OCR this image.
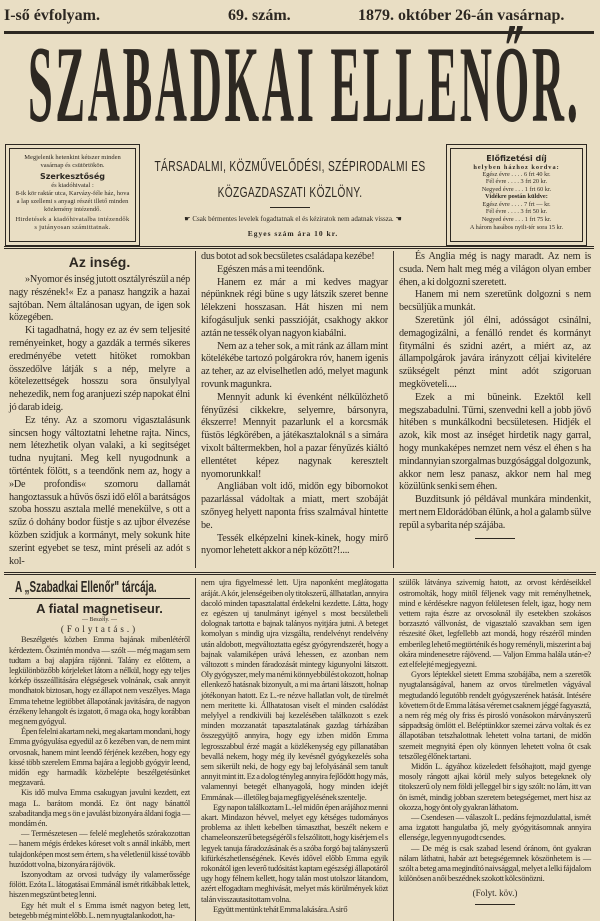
I-ső évfolyam.	69. szám.	1879. október 26-án vasárnap.
SZABADKAI ELLENŐR.
Megjelenik hetenkint kétszer minden vasárnap és csütörtökön.
Szerkesztőség
és kiadóhivatal :
8-ik kör raktár utca, Karvázy-féle ház, hova a lap szellemi s anyagi részét illető minden közlemény intézendő.
Hirdetések a kiadóhivatalba intézendők s jutányosan számittatnak.
TÁRSADALMI, KÖZMŰVELŐDÉSI, SZÉPIRODALMI ES
KÖZGAZDASZATI KÖZLÖNY.
☛ Csak bérmentes levelek fogadtatnak el és kéziratok nem adatnak vissza. ☚
Egyes szám ára 10 kr.
Előfizetési díj
helyben házhoz kordva:
Egész évre . . . . 6 frt 40 kr.
Fél évre . . . . 3 frt 20 kr.
Negyed évre . . . 1 frt 60 kr.
Vidékre postán küldve:
Egész évre . . . . 7 frt — kr.
Fél évre . . . . 3 frt 50 kr.
Negyed évre . . . 1 frt 75 kr.
A három hasábos nyilt-tér sora 15 kr.
Az inség.

»Nyomor és inség jutott osztályrészül a nép nagy részének!« Ez a panasz hangzik a hazai sajtóban. Nem általánosan ugyan, de igen sok közegében.

Ki tagadhatná, hogy ez az év sem teljesité reményeinket, hogy a gazdák a termés sikeres eredményébe vetett hitöket romokban összedőlve látják s a nép, melyre a kötelezettségek hosszu sora önsulylyal nehezedik, nem fog aranjuezi szép napokat élni jó darab ideig.

Ez tény. Az a szomoru vigasztalásunk sincsen hogy változtatni lehetne rajta. Nincs, nem létezhetik olyan valaki, a ki segitséget tudna nyujtani. Meg kell nyugodnunk a történtek fölött, s a teendőnk nem az, hogy a »De profondis« szomoru dallamát hangoztassuk a hűvös őszi idő elől a barátságos szoba hosszu asztala mellé menekülve, s ott a szűz ó dohány bodor füstje s az ujbor élvezése közben szidjuk a kormányt, mely sokunk hite szerint egyebet se tesz, mint préseli az adót s kol-

dus botot ad sok becsületes családapa kezébe!

Egészen más a mi teendőnk.

Hanem ez már a mi kedves magyar népünknek régi büne s ugy látszik szeret benne lélekzeni hosszasan. Hát hiszen mi nem kifogásuljuk senki passzióját, csakhogy akkor aztán ne tessék olyan nagyon kiabálni.

Nem az a teher sok, a mit ránk az állam mint kötelékébe tartozó polgárokra róv, hanem igenis az teher, az az elviselhetlen adó, melyet magunk rovunk magunkra.

Mennyit adunk ki évenként nélkülözhető fényűzési cikkekre, selyemre, bársonyra, ékszerre! Mennyit pazarlunk el a korcsmák füstös légkörében, a játékasztaloknál s a simára vixolt báltermekben, hol a pazar fényűzés kiáltó ellentétet képez nagynak keresztelt nyomorunkkal!

Angliában volt idő, midőn egy bibornokot pazarlással vádoltak a miatt, mert szobáját szőnyeg helyett naponta friss szalmával hintette be.

Tessék elképzelni kinek-kinek, hogy mirő nyomor lehetett akkor a nép között?!....

És Anglia még is nagy maradt. Az nem is csuda. Nem halt meg még a világon olyan ember éhen, a ki dolgozni szeretett.

Hanem mi nem szeretünk dolgozni s nem becsüljük a munkát.

Szeretünk jól élni, adósságot csinálni, demagogizálni, a fenálló rendet és kormányt fitymálni és szidni azért, a miért az, az állampolgárok javára irányzott céljai kivitelére szükségelt pénzt mint adót szigoruan megköveteli....

Ezek a mi büneink. Ezektől kell megszabadulni. Tűrni, szenvedni kell a jobb jövő hitében s munkálkodni becsületesen. Hidjék el azok, kik most az inséget hirdetik nagy garral, hogy munkaképes nemzet nem vész el éhen s ha mindannyian szorgalmas buzgósággal dolgozunk, akkor nem lesz panasz, akkor nem hal meg közülünk senki sem éhen.

Buzditsunk jó példával munkára mindenkit, mert nem Eldorádóban élünk, a hol a galamb sülve repül a sybarita nép szájába.

A „Szabadkai Ellenőr" tárcája.
A fiatal magnetiseur.
— Beszély. —
(Folytatás.)

Beszélgetés közben Emma bajának mibenlétéről kérdeztem. Őszintén mondva — szólt — még magam sem tudtam a baj alapjára rájönni. Talány ez előttem, a legkülönbözőbb kórjeleket látom a nélkül, hogy egy teljes kórkép összeállitására elégségesek volnának, csak annyit mondhatok biztosan, hogy ez állapot nem veszélyes. Maga Emma tehetne legtöbbet állapotának javitására, de nagyon érzékeny lehangolt és izgatott, ő maga oka, hogy korábban meg nem gyógyul.

Épen felelni akartam neki, meg akartam mondani, hogy Emma gyógyulása egyedül az ő kezében van, de nem mint orvosnak, hanem mint leendő férjének kezében, hogy egy kissé több szerelem Emma bajára a legjobb gyógyir leend, midőn egy harmadik közbelépte beszélgetésünket megzavará.

Kis idő mulva Emma csakugyan javulni kezdett, ezt maga L. barátom mondá. Ez önt nagy bánattól szabaditandja meg s ön e javulást bizonyára áldani fogja — mondám én.

— Természetesen — felelé meglehetős szórakozottan — hanem mégis érdekes kóreset volt s annál inkább, mert tulajdonképen most sem értem, s ha véletlenül kissé tovább huzódott volna, bizonyára rájövök.

Iszonyodtam az orvosi tudvágy ily valamerőssége fölött. Ezóta L. látogatásai Emmánál ismét ritkábbak lettek, hiszen megszünt beteg lenni.

Egy hét mult el s Emma ismét nagyon beteg lett, betegebb még mint előbb. L. nem nyugtalankodott, ha-

nem ujra figyelmessé lett. Ujra naponként meglátogatta aráját. A kór, jelenségeiben oly titokszerű, állhatatlan, annyira dacoló minden tapasztalattal érdekelni kezdette. Látta, hogy ez egészen uj tanulmányt igényel s most becsületbeli dolognak tartotta e bajnak talányos nyitjára jutni. A beteget komolyan s mindig ujra vizsgálta, rendelvényt rendelvény után aldobott, megváltoztatta egész gyógyrendszerét, hogy a bajnak valamiképen urává lehessen, ez azonban nem változott s minden fáradozását mintegy kigunyolni látszott. Oly gyógyszer, mely ma némi könnyebbülést okozott, holnap ellenkező hatásnak bizonyult, a mi ma ártani látszott, holnap jótékonyan hatott. Ez L.-re nézve hallatlan volt, de türelmét nem meritette ki. Állhatatosan viselt el minden csalódást melylyel a rendkivüli baj kezelésében találkozott s ezek minden mozzanatát tapasztalatának gazdag tárházában összegyüjtő annyira, hogy egy izben midőn Emma legrosszabbul érzé magát a közlékenység egy pillanatában bevallá nekem, hogy még ily kevésnél gyógykezelés soha sem sikerült neki, de hogy egy baj lefolyásánál sem tanult annyit mint itt. Ez a dolog tényleg annyira fejlődött hogy más, valamennyi betegét elhanyagolá, hogy minden idejét Emmának — illetőleg baja megfigyelésének szentelje.

Egy napon találkoztam L.-lel midőn épen arájához menni akart. Mindazon hévvel, melyet egy kétséges tudományos problema az ihlett kebelben támaszthat, beszélt nekem e chameleonszerű betegségéről s felszólitott, hogy kisérjem el s legyek tanuja fáradozásának és a szóba forgó baj talányszerű kifürkészhetlenségének. Kevés idővel előbb Emma egyik rokonától igen leverő tudósitást kaptam egészségi állapotáról ugy hogy félnem kellett, hogy talán most utolszor látandom, azért elfogadtam meghivását, melyet más körülmények közt talán visszautasitottam volna.

Együtt mentünk tehát Emma lakására. A sirő

szülők látványa szivemig hatott, az orvost kérdéseikkel ostromolták, hogy mitől féljenek vagy mit reménylhetnek, mind e kérdésekre nagyon felületesen felelt, igaz, hogy nem vettem rajta észre az orvosoknál ily esetekben szokásos borzasztó vállvonást, de vigasztaló szavakban sem igen részesité őket, legfellebb azt mondá, hogy részéről minden emberileg lehető megtörténik és hogy reményli, miszerint a baj okára mindenesetre rájövend. — Valjon Emma halála után-e? ezt elfelejté megjegyezni.

Gyors léptekkel sietett Emma szobájába, nem a szeretők nyugtalanságával, hanem az orvos türelmetlen vágyával megtudandó legutóbb rendelt gyógyszerének hatását. Intésére követtem őt de Emma látása véremet csaknem jéggé fagyasztá, a nem rég még oly friss és pirosló vonásokon márványszerű sáppadtság ömlött el. Beléptünkkor szemei zárva voltak és ez állapotában tetszhalottnak lehetett volna tartani, de midőn szemeit megnyitá épen oly könnyen lehetett volna őt csak tetszőleg élőnek tartani.

Midőn L. ágyához közeledett felsóhajtott, majd gyenge mosoly rángott ajkai körül mely sulyos betegeknek oly titokszerű oly nem földi jelleggel bir s igy szólt: no lám, itt van ön ismét, mindig jobban szeretem betegségemet, mert hisz az okozza, hogy önt oly gyakran láthatom.

— Csendesen — válaszolt L. pedáns fejmozdulattal, ismét ama izgatott hangulatba jő, mely gyógyitásomnak annyira ellensége, legyen nyugodt csendes.

— De még is csak szabad lesend óránom, önt gyakran nálam láthatni, habár azt betegségemnek köszönhetem is — szólt a beteg ama megindító naivsággal, melyet a lelki fájdalom különösen a női beszédnek szokott kölcsönözni.

(Folyt. köv.)
